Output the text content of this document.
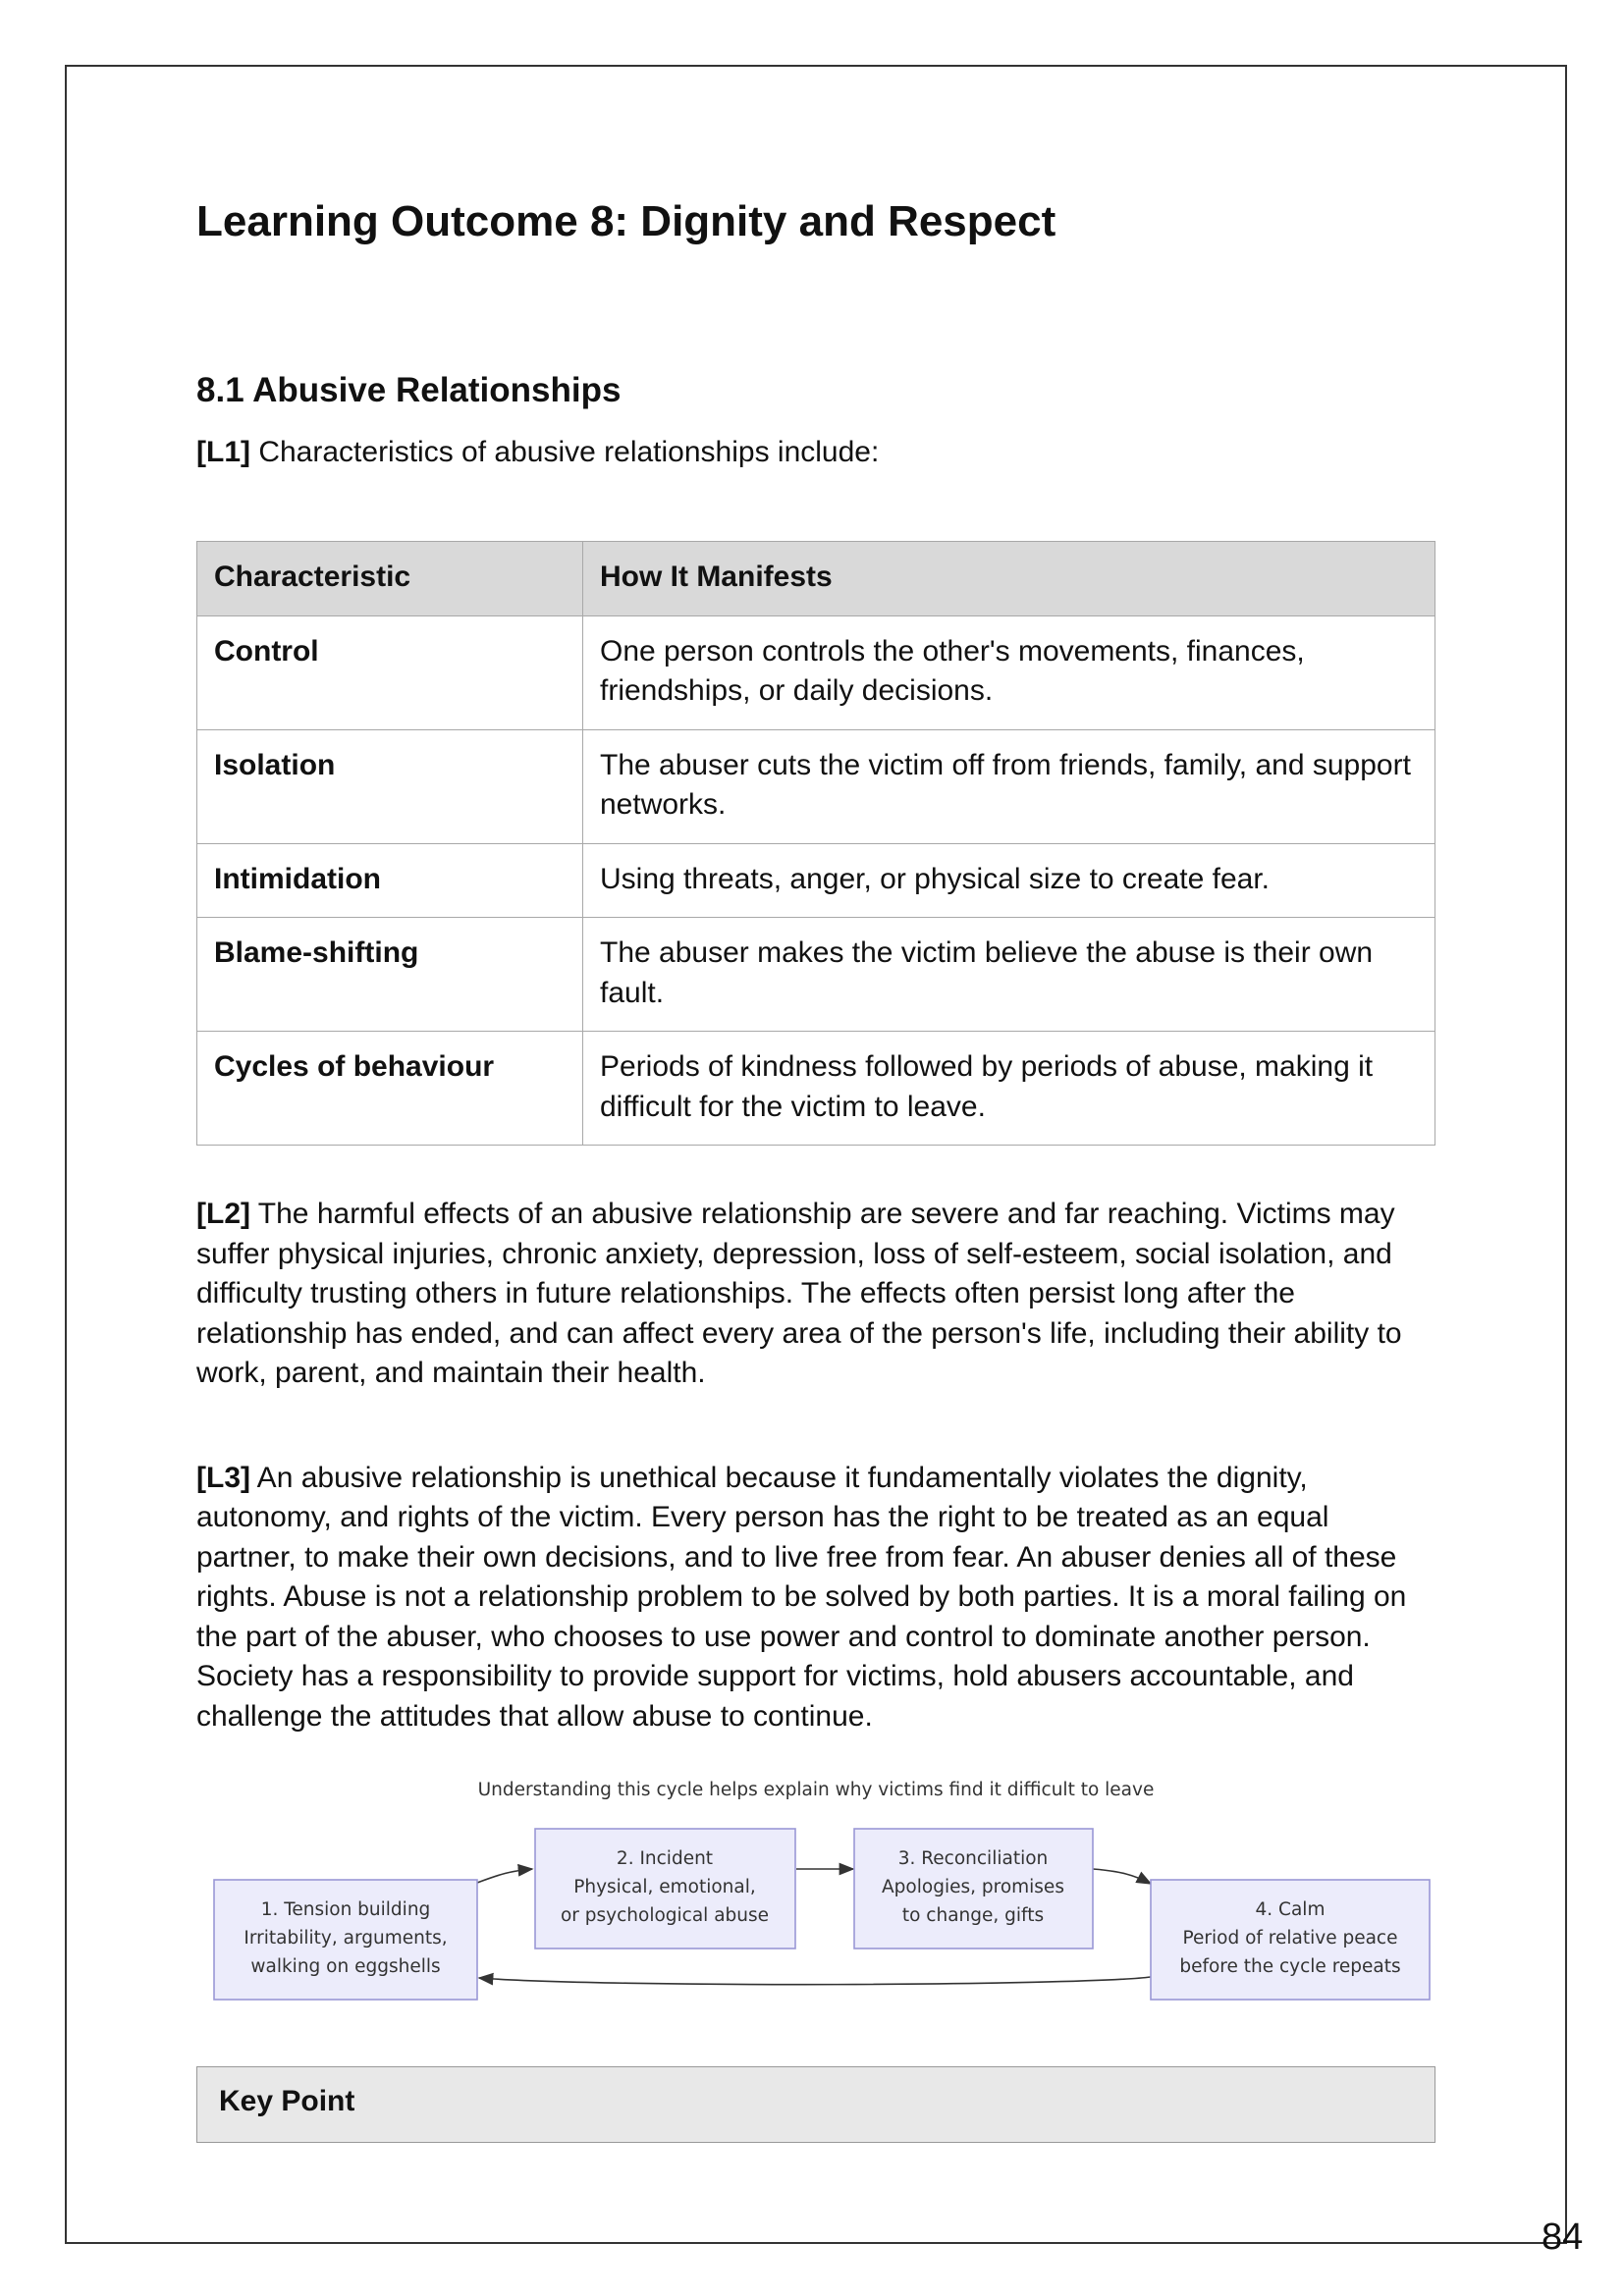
Learning Outcome 8: Dignity and Respect
8.1 Abusive Relationships

[L1] Characteristics of abusive relationships include:

Characteristic	How It Manifests
Control	One person controls the other's movements, finances, friendships, or daily decisions.
Isolation	The abuser cuts the victim off from friends, family, and support networks.
Intimidation	Using threats, anger, or physical size to create fear.
Blame-shifting	The abuser makes the victim believe the abuse is their own fault.
Cycles of behaviour	Periods of kindness followed by periods of abuse, making it difficult for the victim to leave.

[L2] The harmful effects of an abusive relationship are severe and far reaching. Victims may suffer physical injuries, chronic anxiety, depression, loss of self-esteem, social isolation, and difficulty trusting others in future relationships. The effects often persist long after the relationship has ended, and can affect every area of the person's life, including their ability to work, parent, and maintain their health.

[L3] An abusive relationship is unethical because it fundamentally violates the dignity, autonomy, and rights of the victim. Every person has the right to be treated as an equal partner, to make their own decisions, and to live free from fear. An abuser denies all of these rights. Abuse is not a relationship problem to be solved by both parties. It is a moral failing on the part of the abuser, who chooses to use power and control to dominate another person. Society has a responsibility to provide support for victims, hold abusers accountable, and challenge the attitudes that allow abuse to continue.

Understanding this cycle helps explain why victims find it difficult to leave
1. Tension building
Irritability, arguments,
walking on eggshells
2. Incident
Physical, emotional,
or psychological abuse
3. Reconciliation
Apologies, promises
to change, gifts	4. Calm
Period of relative peace
before the cycle repeats
Key Point
84
